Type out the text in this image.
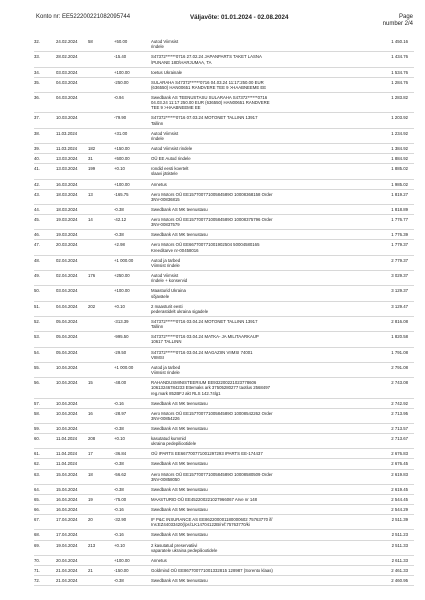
Konto nr: EE522200221082095744	Väljavõte: 01.01.2024 - 02.08.2024	Page
number 2/4
32.	24.02.2024 58	+50.00	Autod Viimsist
rindele
1 450.16
33.	28.02.2024	-15.40	S47372******0716 27.02.24 JAPANPARTS TAKET LASNA
\PUNANE 18D\HARJUMAA, TA
1 434.76
34.	03.03.2024	+100.00	toetus Ukrainale	1 534.76
35.	04.03.2024	-250.00	SULARAHA S47372******0716 04.03.24 11:17:250.00 EUR
(636550) HAN00651 RANDVERE TEE 9 >HAABNEEME EE
1 284.76
36.	04.03.2024	-0.94	Swedbank AS TEENUSTASU SULARAHA S47372******0716
04.03.24 11:17 250.00 EUR (636550) HAN00651 RANDVERE
TEE 9 >HAABNEEME EE
1 283.82
37.	10.03.2024	-79.90	S47372******0716 07.03.24 MOTONET TALLINN 13917
Tallinn
1 203.92
38.	11.03.2024	+31.00	Autod Viimsist
rindele
1 234.92
39.	11.03.2024	182	+150.00	Autod Viimsist rindele	1 384.92
40.	13.03.2024 31	+500.00	OÜ EE Autod rindele	1 884.92
41.	13.03.2024 199	+0.10	rondid eesti koertelt
slaavi jätistele
1 885.02
42.	16.03.2024	+100.00	Annetus	1 985.02
43.	18.03.2024 13	-165.75	Aero Motors OÜ EE15770077100584589O 10008368158 Order
3NV-00836815
1 819.27
44.	18.03.2024	-0.38	Swedbank AS MK teenustasu	1 818.89
45.	19.03.2024 14	-42.12	Aero Motors OÜ EE15770077100584589O 10008375796 Order
3NV-00837579
1 776.77
46.	19.03.2024	-0.38	Swedbank AS MK teenustasu	1 776.39
47.	20.03.2024	+2.98	Aero Motors OÜ EE667700771001902504 50004580165
Kreeditarve nr-00458016
1 779.37
48.	02.04.2024	+1 000.00	Autod ja tarbed
Viimsist rindele
2 779.37
49.	02.04.2024 176	+250.00	Autod Viimsist
rindele + konservid
3 029.37
50.	03.04.2024	+100.00	Maasturid Ukraina
sõjaväele
3 129.37
51.	04.04.2024 202	+0.10	2 maasturit eesti
pederastidelt ukraina sigadele
3 129.47
52.	05.04.2024	-313.39	S47372******0716 03.04.24 MOTONET TALLINN 13917
Tallinn
2 816.08
53.	05.04.2024	-995.50	S47372******0716 03.04.24 MATKA- JA MILITAARKAUP
10617 TALLINN
1 820.58
54.	05.04.2024	-29.50	S47372******0716 03.04.24 MAGAZIIN VIIMSI 74001
VIIMSI
1 791.08
55.	10.04.2024	+1 000.00	Autod ja tarbed
Viimsist rindele
2 791.08
56.	10.04.2024 15	-48.00	RAHANDUSMINISTEERIUM EE932200221023778606
10613246784233 Ettemaks ark 37505280277 taotlus 2568497
reg.mark 852BFJ akt RLS 142.74lg1
2 743.08
57.	10.04.2024	-0.16	Swedbank AS MK teenustasu	2 742.92
58.	10.04.2024 16	-28.97	Aero Motors OÜ EE15770077100584589O 10008542262 Order
3NV-00854226
2 713.95
59.	10.04.2024	-0.38	Swedbank AS MK teenustasu	2 713.57
60.	11.04.2024	208	+0.10	kasutatud kummid
ukraina pedepiliootidele
2 713.67
61.	11.04.2024	17	-36.84	OÜ IPARTS EE667700771001297293 IPARTS EE-174437	2 676.83
62.	11.04.2024	-0.38	Swedbank AS MK teenustasu	2 676.45
63.	15.04.2024 18	-56.62	Aero Motors OÜ EE15770077100584589O 10008580509 Order
3NV-00858050
2 619.83
64.	15.04.2024	-0.38	Swedbank AS MK teenustasu	2 619.45
65.	16.04.2024 19	-75.00	MAASTURID OÜ EE452200221027966067 Arve nr 148	2 544.45
66.	16.04.2024	-0.16	Swedbank AS MK teenustasu	2 544.29
67.	17.04.2024 20	-32.90	IF P&C INSURANCE AS EE862200001180000602 75763770 if/
Ins:EZ44033420(/psl:LK14704122B/ref:75763770/ki
2 511.39
68.	17.04.2024	-0.16	Swedbank AS MK teenustasu	2 511.23
69.	19.04.2024 213	+0.10	2 kasutatud preservatiivi
vaparatele ukraina pedepiliootidele
2 511.33
70.	20.04.2024	+100.00	Annetus	2 611.33
71.	21.04.2024 21	-150.00	Goldmind OÜ EE867700771001332815 128987 (Sorento klaas)	2 461.33
72.	21.04.2024	-0.38	Swedbank AS MK teenustasu	2 460.95
